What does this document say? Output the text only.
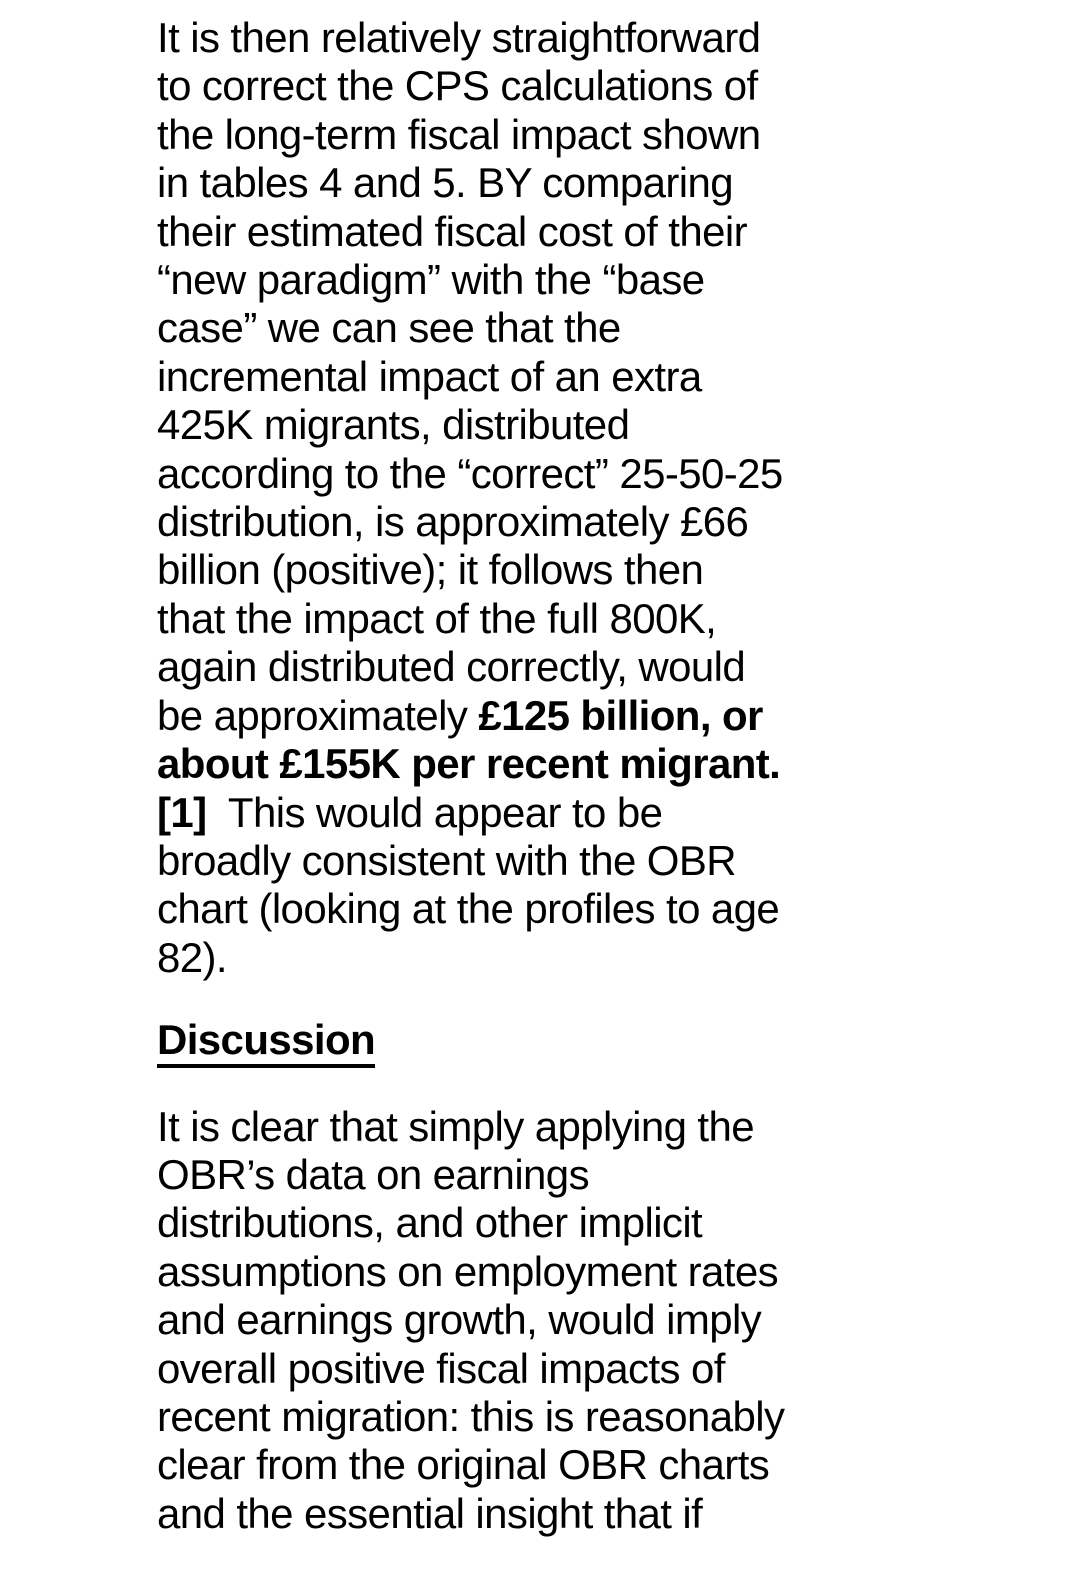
It is then relatively straightforward
to correct the CPS calculations of
the long-term fiscal impact shown
in tables 4 and 5. BY comparing
their estimated fiscal cost of their
“new paradigm” with the “base
case” we can see that the
incremental impact of an extra
425K migrants, distributed
according to the “correct” 25-50-25
distribution, is approximately £66
billion (positive); it follows then
that the impact of the full 800K,
again distributed correctly, would
be approximately £125 billion, or
about £155K per recent migrant.
[1]  This would appear to be
broadly consistent with the OBR
chart (looking at the profiles to age
82).
Discussion
It is clear that simply applying the
OBR’s data on earnings
distributions, and other implicit
assumptions on employment rates
and earnings growth, would imply
overall positive fiscal impacts of
recent migration: this is reasonably
clear from the original OBR charts
and the essential insight that if
